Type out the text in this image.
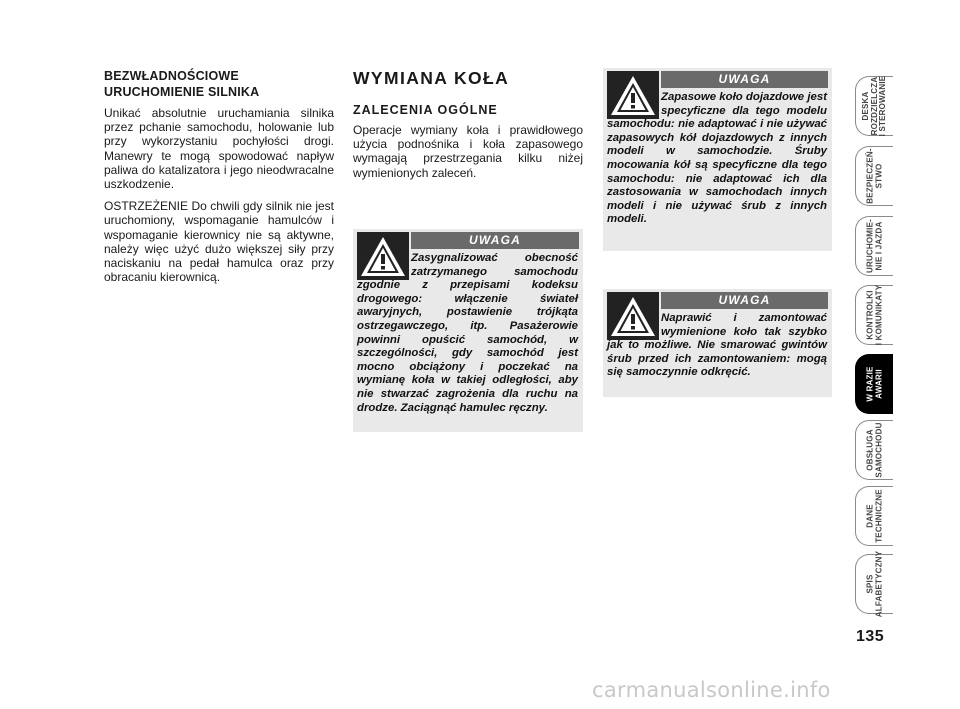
BEZWŁADNOŚCIOWE
URUCHOMIENIE SILNIKA

Unikać absolutnie uruchamiania silnika przez pchanie samochodu, holowanie lub przy wykorzystaniu pochyłości drogi. Manewry te mogą spowodować napływ paliwa do katalizatora i jego nieodwracalne uszkodzenie.

OSTRZEŻENIE Do chwili gdy silnik nie jest uruchomiony, wspomaganie hamulców i wspomaganie kierownicy nie są aktywne, należy więc użyć dużo większej siły przy naciskaniu na pedał hamulca oraz przy obracaniu kierownicą.

WYMIANA KOŁA
ZALECENIA OGÓLNE

Operacje wymiany koła i prawidłowego użycia podnośnika i koła zapasowego wymagają przestrzegania kilku niżej wymienionych zaleceń.

UWAGA
Zasygnalizować obecność zatrzymanego samochodu zgodnie z przepisami kodeksu drogowego: włączenie świateł awaryjnych, postawienie trójkąta ostrzegawczego, itp. Pasażerowie powinni opuścić samochód, w szczególności, gdy samochód jest mocno obciążony i poczekać na wymianę koła w takiej odległości, aby nie stwarzać zagrożenia dla ruchu na drodze. Zaciągnąć hamulec ręczny.
UWAGA
Zapasowe koło dojazdowe jest specyficzne dla tego modelu samochodu: nie adaptować i nie używać zapasowych kół dojazdowych z innych modeli w samochodzie. Śruby mocowania kół są specyficzne dla tego samochodu: nie adaptować ich dla zastosowania w samochodach innych modeli i nie używać śrub z innych modeli.
UWAGA
Naprawić i zamontować wymienione koło tak szybko jak to możliwe. Nie smarować gwintów śrub przed ich zamontowaniem: mogą się samoczynnie odkręcić.
DESKA
ROZDZIELCZA
I STEROWANIE
BEZPIECZEŃ-
STWO
URUCHOMIE-
NIE I JAZDA
KONTROLKI
I KOMUNIKATY
W RAZIE
AWARII
OBSŁUGA
SAMOCHODU
DANE
TECHNICZNE
SPIS
ALFABETYCZNY
135
carmanualsonline.info
